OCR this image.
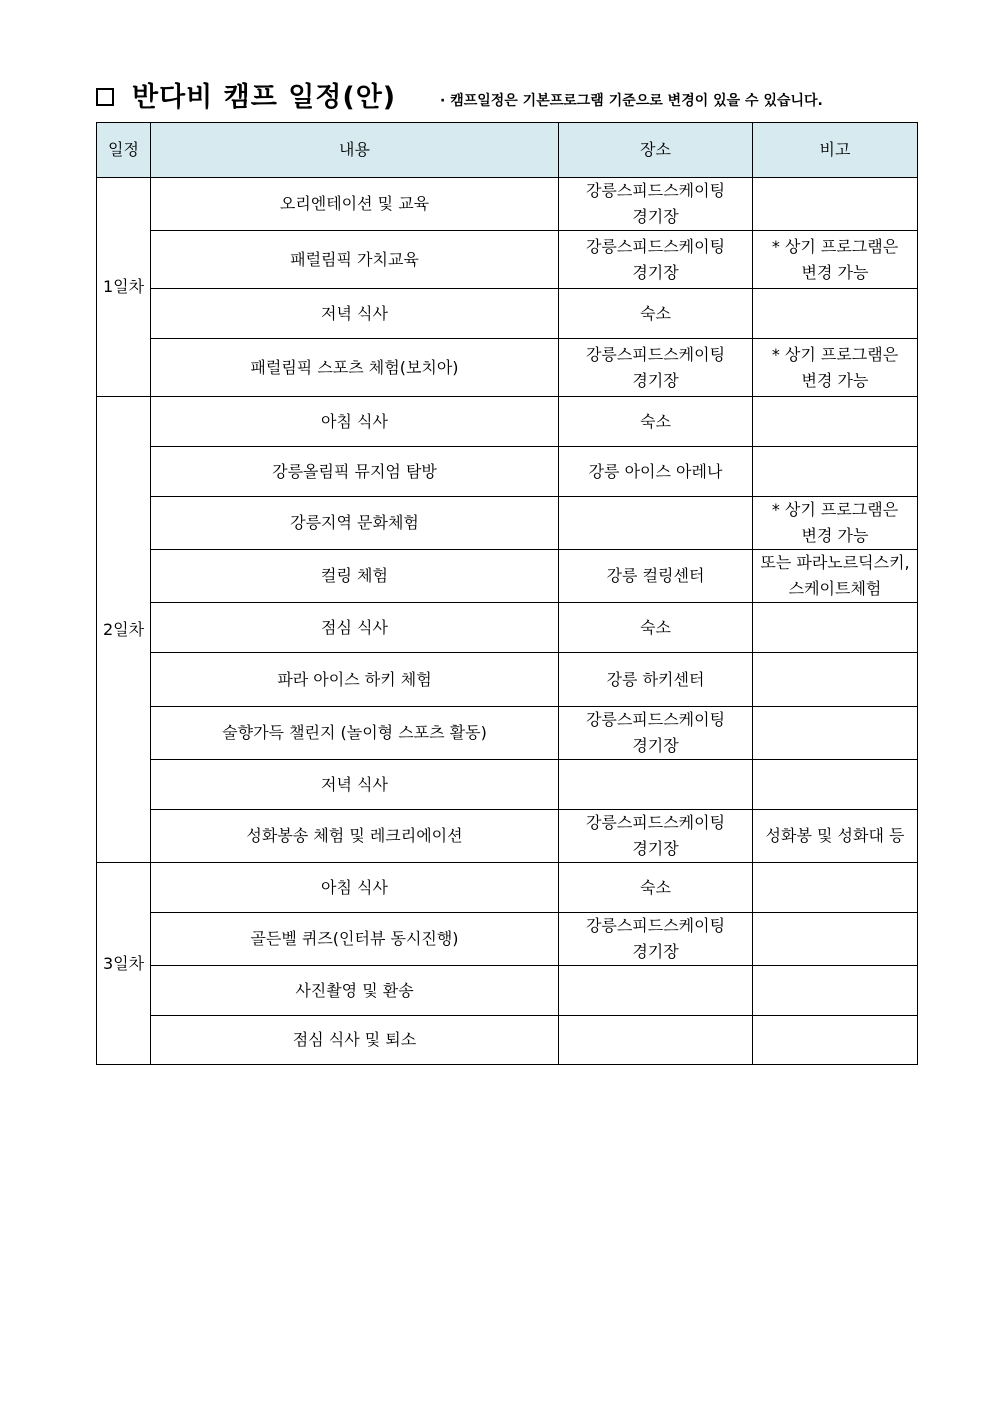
반다비 캠프 일정(안)	· 캠프일정은 기본프로그램 기준으로 변경이 있을 수 있습니다.
일정	내용	장소	비고
1일차	오리엔테이션 및 교육	강릉스피드스케이팅
경기장	
	패럴림픽 가치교육	강릉스피드스케이팅
경기장	* 상기 프로그램은
변경 가능
	저녁 식사	숙소	
	패럴림픽 스포츠 체험(보치아)	강릉스피드스케이팅
경기장	* 상기 프로그램은
변경 가능
2일차	아침 식사	숙소	
	강릉올림픽 뮤지엄 탐방	강릉 아이스 아레나	
	강릉지역 문화체험		* 상기 프로그램은
변경 가능
	컬링 체험	강릉 컬링센터	또는 파라노르딕스키,
스케이트체험
	점심 식사	숙소	
	파라 아이스 하키 체험	강릉 하키센터	
	술향가득 챌린지 (놀이형 스포츠 활동)	강릉스피드스케이팅
경기장	
	저녁 식사		
	성화봉송 체험 및 레크리에이션	강릉스피드스케이팅
경기장	성화봉 및 성화대 등
3일차	아침 식사	숙소	
	골든벨 퀴즈(인터뷰 동시진행)	강릉스피드스케이팅
경기장	
	사진촬영 및 환송		
	점심 식사 및 퇴소		
